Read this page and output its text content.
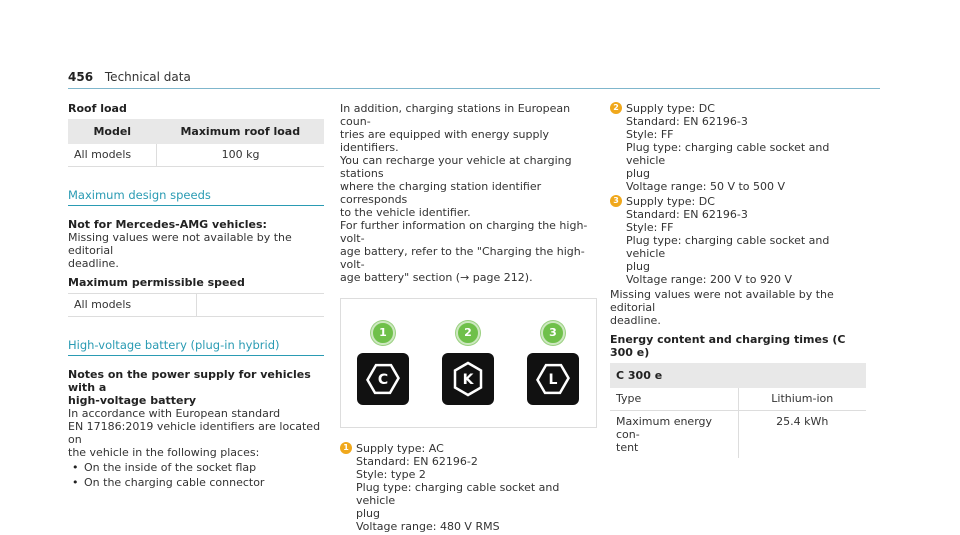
456 Technical data
Roof load
Model	Maximum roof load
All models	100 kg
Maximum design speeds
Not for Mercedes-AMG vehicles:

Missing values were not available by the editorial

deadline.

Maximum permissible speed
All models	
High-voltage battery (plug-in hybrid)
Notes on the power supply for vehicles with a
high-voltage battery

In accordance with European standard

EN 17186:2019 vehicle identifiers are located on

the vehicle in the following places:

• On the inside of the socket flap
• On the charging cable connector

In addition, charging stations in European coun-

tries are equipped with energy supply identifiers.

You can recharge your vehicle at charging stations

where the charging station identifier corresponds

to the vehicle identifier.

For further information on charging the high-volt-

age battery, refer to the "Charging the high-volt-

age battery" section (→ page 212).

1
C
2
K
3
L
1 Supply type: AC

Standard: EN 62196-2

Style: type 2

Plug type: charging cable socket and vehicle

plug

Voltage range: 480 V RMS

2 Supply type: DC

Standard: EN 62196-3

Style: FF

Plug type: charging cable socket and vehicle

plug

Voltage range: 50 V to 500 V

3 Supply type: DC

Standard: EN 62196-3

Style: FF

Plug type: charging cable socket and vehicle

plug

Voltage range: 200 V to 920 V

Missing values were not available by the editorial

deadline.

Energy content and charging times (C 300 e)
C 300 e	
Type	Lithium-ion
Maximum energy con-
tent	25.4 kWh
